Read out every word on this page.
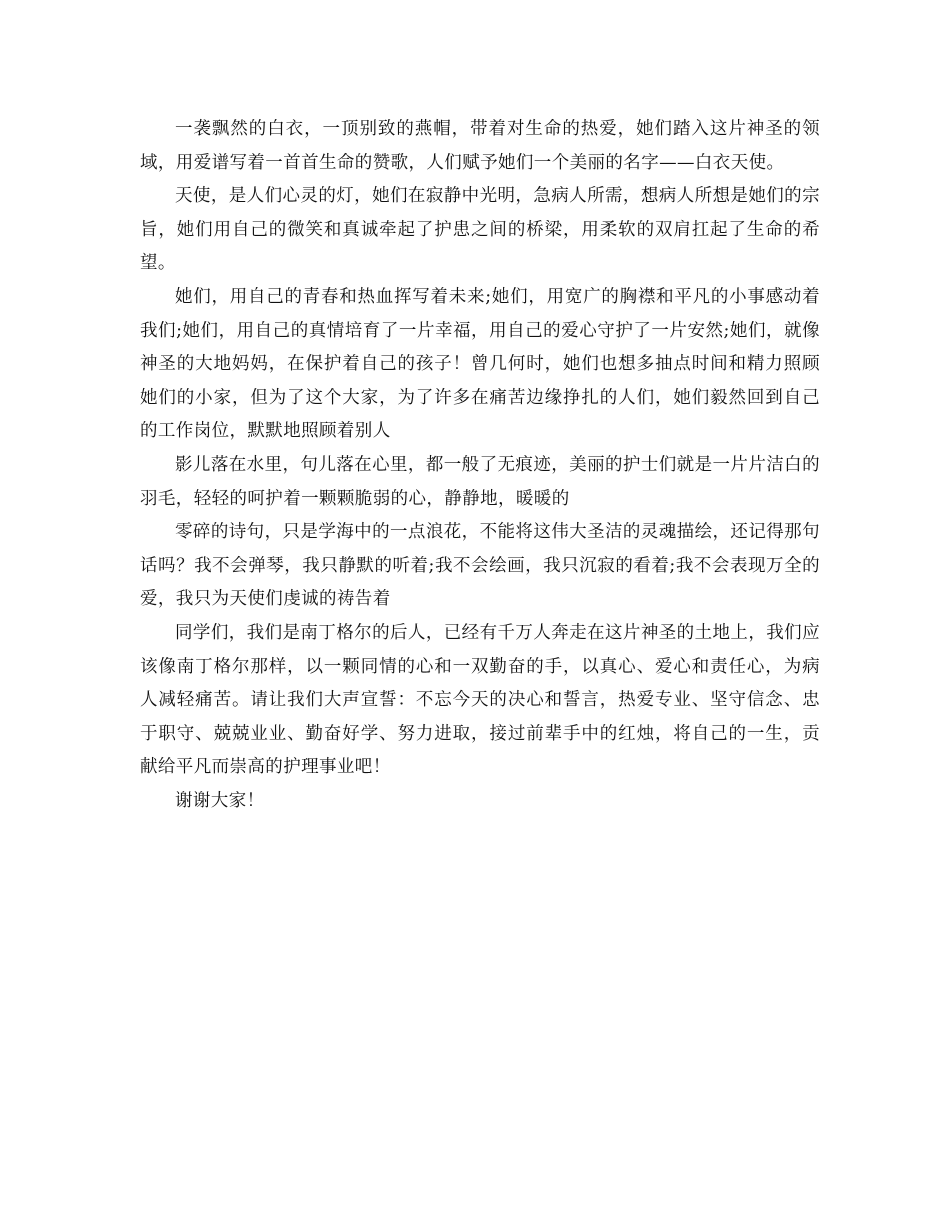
一袭飘然的白衣，一顶别致的燕帽，带着对生命的热爱，她们踏入这片神圣的领域，用爱谱写着一首首生命的赞歌，人们赋予她们一个美丽的名字——白衣天使。

天使，是人们心灵的灯，她们在寂静中光明，急病人所需，想病人所想是她们的宗旨，她们用自己的微笑和真诚牵起了护患之间的桥梁，用柔软的双肩扛起了生命的希望。

她们，用自己的青春和热血挥写着未来;她们，用宽广的胸襟和平凡的小事感动着我们;她们，用自己的真情培育了一片幸福，用自己的爱心守护了一片安然;她们，就像神圣的大地妈妈，在保护着自己的孩子！曾几何时，她们也想多抽点时间和精力照顾她们的小家，但为了这个大家，为了许多在痛苦边缘挣扎的人们，她们毅然回到自己的工作岗位，默默地照顾着别人

影儿落在水里，句儿落在心里，都一般了无痕迹，美丽的护士们就是一片片洁白的羽毛，轻轻的呵护着一颗颗脆弱的心，静静地，暖暖的

零碎的诗句，只是学海中的一点浪花，不能将这伟大圣洁的灵魂描绘，还记得那句话吗？我不会弹琴，我只静默的听着;我不会绘画，我只沉寂的看着;我不会表现万全的爱，我只为天使们虔诚的祷告着

同学们，我们是南丁格尔的后人，已经有千万人奔走在这片神圣的土地上，我们应该像南丁格尔那样，以一颗同情的心和一双勤奋的手，以真心、爱心和责任心，为病人减轻痛苦。请让我们大声宣誓：不忘今天的决心和誓言，热爱专业、坚守信念、忠于职守、兢兢业业、勤奋好学、努力进取，接过前辈手中的红烛，将自己的一生，贡献给平凡而崇高的护理事业吧！

谢谢大家！
